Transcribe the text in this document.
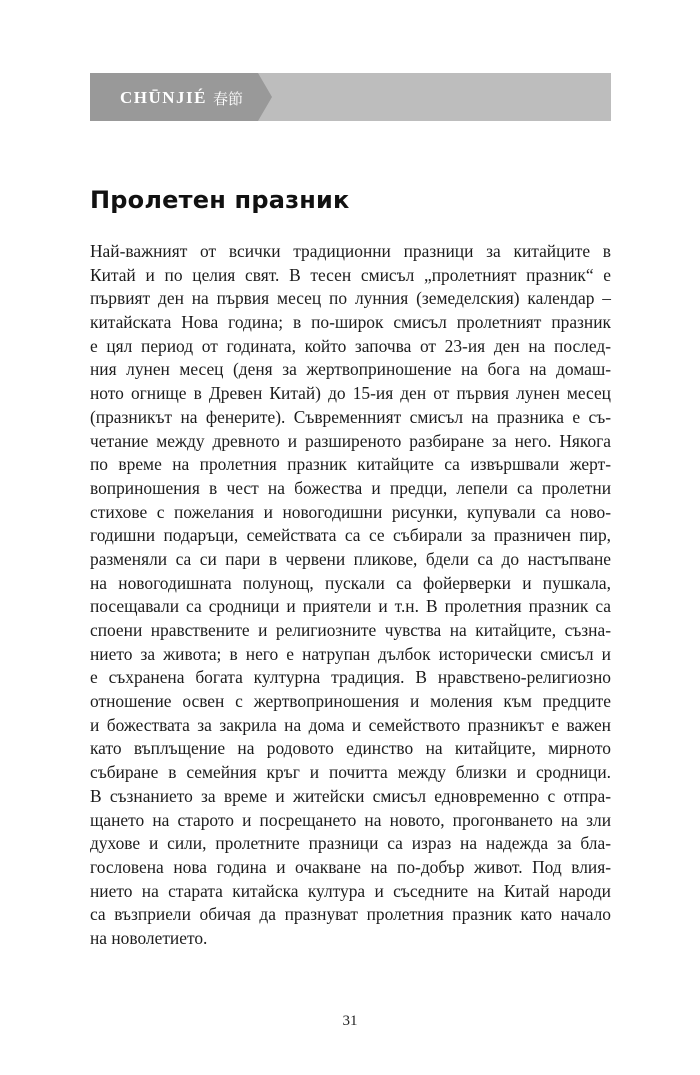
CHŪNJIÉ 春節
Пролетен празник
Най-важният от всички традиционни празници за китайците в
Китай и по целия свят. В тесен смисъл „пролетният празник“ е
първият ден на първия месец по лунния (земеделския) календар –
китайската Нова година; в по-широк смисъл пролетният празник
е цял период от годината, който започва от 23-ия ден на послед-
ния лунен месец (деня за жертвоприношение на бога на домаш-
ното огнище в Древен Китай) до 15-ия ден от първия лунен месец
(празникът на фенерите). Съвременният смисъл на празника е съ-
четание между древното и разширеното разбиране за него. Някога
по време на пролетния празник китайците са извършвали жерт-
воприношения в чест на божества и предци, лепели са пролетни
стихове с пожелания и новогодишни рисунки, купували са ново-
годишни подаръци, семействата са се събирали за празничен пир,
разменяли са си пари в червени пликове, бдели са до настъпване
на новогодишната полунощ, пускали са фойерверки и пушкала,
посещавали са сродници и приятели и т.н. В пролетния празник са
споени нравствените и религиозните чувства на китайците, съзна-
нието за живота; в него е натрупан дълбок исторически смисъл и
е съхранена богата културна традиция. В нравствено-религиозно
отношение освен с жертвоприношения и моления към предците
и божествата за закрила на дома и семейството празникът е важен
като въплъщение на родовото единство на китайците, мирното
събиране в семейния кръг и почитта между близки и сродници.
В съзнанието за време и житейски смисъл едновременно с отпра-
щането на старото и посрещането на новото, прогонването на зли
духове и сили, пролетните празници са израз на надежда за бла-
гословена нова година и очакване на по-добър живот. Под влия-
нието на старата китайска култура и съседните на Китай народи
са възприели обичая да празнуват пролетния празник като начало
на новолетието.
31
